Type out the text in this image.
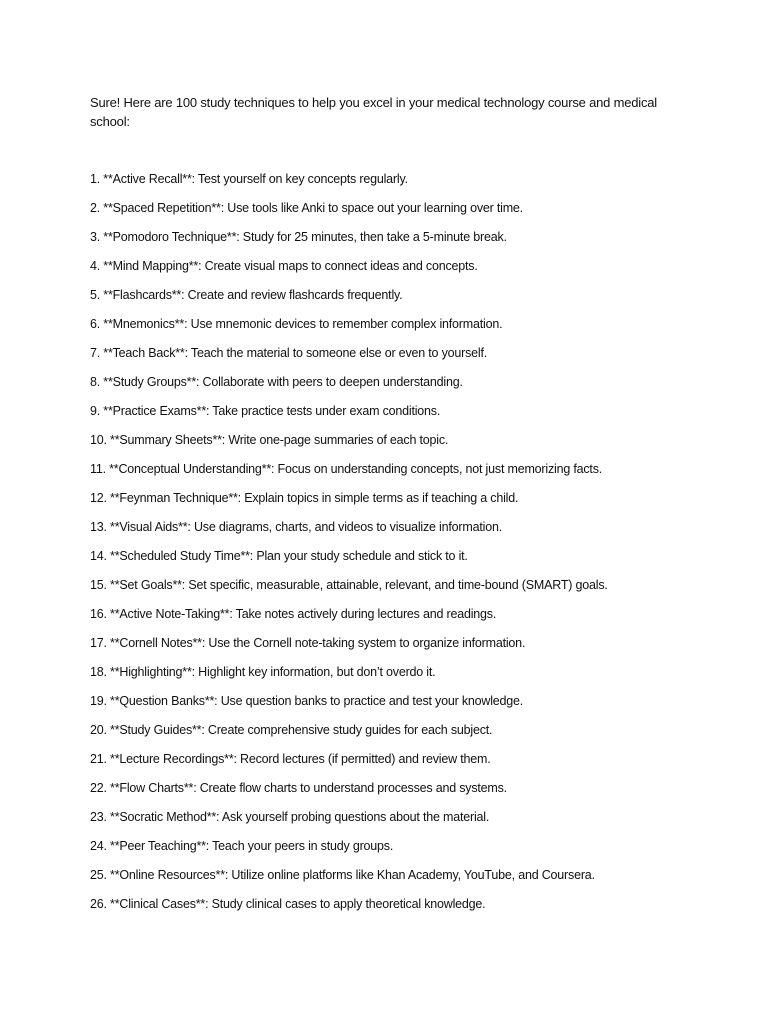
Sure! Here are 100 study techniques to help you excel in your medical technology course and medical school:

1. **Active Recall**: Test yourself on key concepts regularly.
2. **Spaced Repetition**: Use tools like Anki to space out your learning over time.
3. **Pomodoro Technique**: Study for 25 minutes, then take a 5-minute break.
4. **Mind Mapping**: Create visual maps to connect ideas and concepts.
5. **Flashcards**: Create and review flashcards frequently.
6. **Mnemonics**: Use mnemonic devices to remember complex information.
7. **Teach Back**: Teach the material to someone else or even to yourself.
8. **Study Groups**: Collaborate with peers to deepen understanding.
9. **Practice Exams**: Take practice tests under exam conditions.
10. **Summary Sheets**: Write one-page summaries of each topic.
11. **Conceptual Understanding**: Focus on understanding concepts, not just memorizing facts.
12. **Feynman Technique**: Explain topics in simple terms as if teaching a child.
13. **Visual Aids**: Use diagrams, charts, and videos to visualize information.
14. **Scheduled Study Time**: Plan your study schedule and stick to it.
15. **Set Goals**: Set specific, measurable, attainable, relevant, and time-bound (SMART) goals.
16. **Active Note-Taking**: Take notes actively during lectures and readings.
17. **Cornell Notes**: Use the Cornell note-taking system to organize information.
18. **Highlighting**: Highlight key information, but don’t overdo it.
19. **Question Banks**: Use question banks to practice and test your knowledge.
20. **Study Guides**: Create comprehensive study guides for each subject.
21. **Lecture Recordings**: Record lectures (if permitted) and review them.
22. **Flow Charts**: Create flow charts to understand processes and systems.
23. **Socratic Method**: Ask yourself probing questions about the material.
24. **Peer Teaching**: Teach your peers in study groups.
25. **Online Resources**: Utilize online platforms like Khan Academy, YouTube, and Coursera.
26. **Clinical Cases**: Study clinical cases to apply theoretical knowledge.
